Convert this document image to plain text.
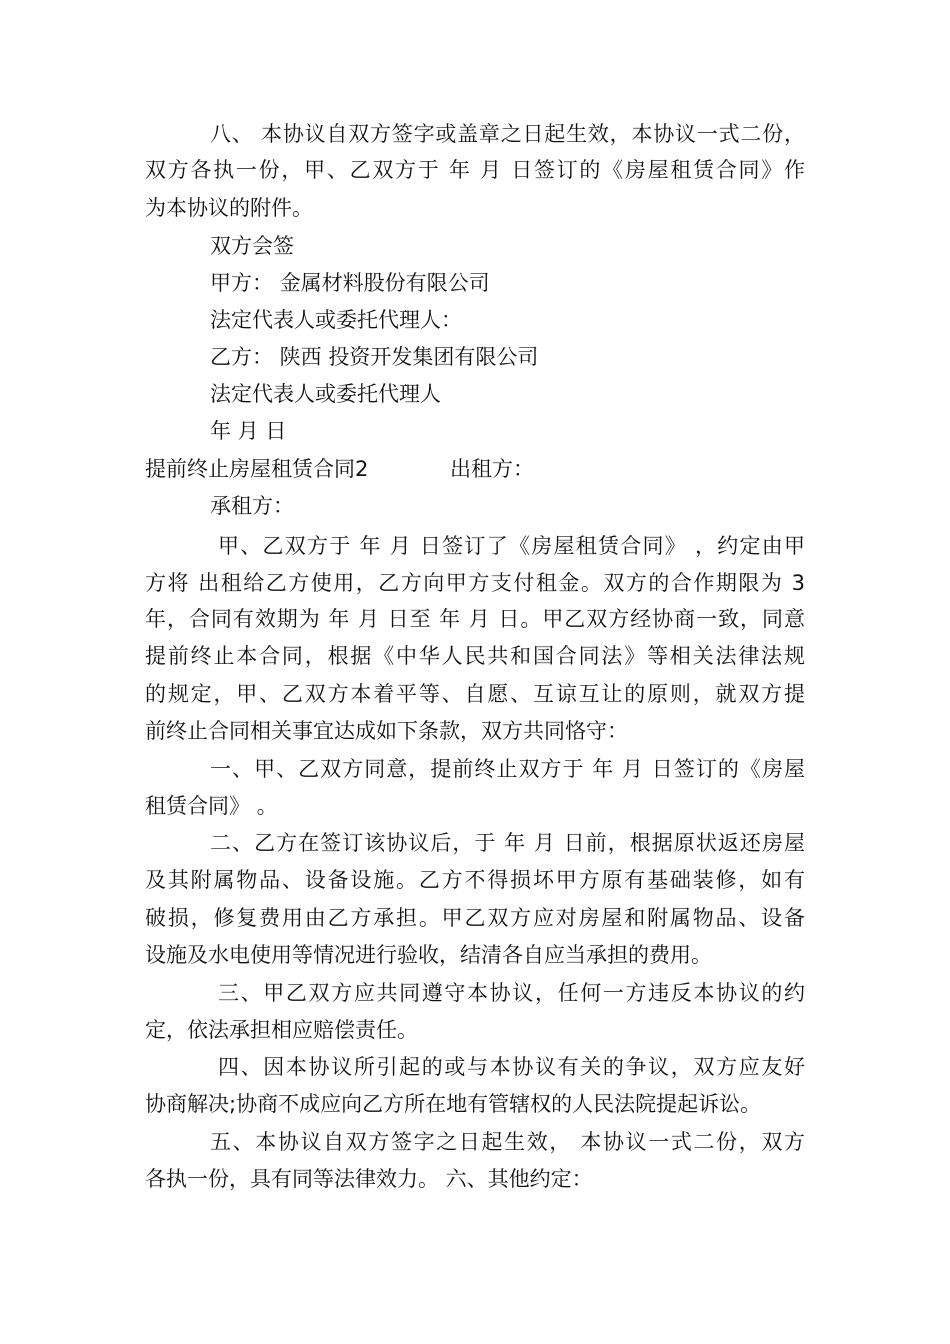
八、 本协议自双方签字或盖章之日起生效，本协议一式二份，
双方各执一份，甲、乙双方于 年 月 日签订的《房屋租赁合同》作
为本协议的附件。
双方会签
甲方： 金属材料股份有限公司
法定代表人或委托代理人：
乙方： 陕西 投资开发集团有限公司
法定代表人或委托代理人
年 月 日
提前终止房屋租赁合同2	出租方：
承租方：
甲、乙双方于 年 月 日签订了《房屋租赁合同》 ，约定由甲
方将 出租给乙方使用，乙方向甲方支付租金。双方的合作期限为 3
年，合同有效期为 年 月 日至 年 月 日。甲乙双方经协商一致，同意
提前终止本合同，根据《中华人民共和国合同法》等相关法律法规
的规定，甲、乙双方本着平等、自愿、互谅互让的原则，就双方提
前终止合同相关事宜达成如下条款，双方共同恪守：
一、甲、乙双方同意，提前终止双方于 年 月 日签订的《房屋
租赁合同》 。
二、乙方在签订该协议后，于 年 月 日前，根据原状返还房屋
及其附属物品、设备设施。乙方不得损坏甲方原有基础装修，如有
破损，修复费用由乙方承担。甲乙双方应对房屋和附属物品、设备
设施及水电使用等情况进行验收，结清各自应当承担的费用。
三、甲乙双方应共同遵守本协议，任何一方违反本协议的约
定，依法承担相应赔偿责任。
四、因本协议所引起的或与本协议有关的争议，双方应友好
协商解决;协商不成应向乙方所在地有管辖权的人民法院提起诉讼。
五、本协议自双方签字之日起生效， 本协议一式二份，双方
各执一份，具有同等法律效力。 六、其他约定：
